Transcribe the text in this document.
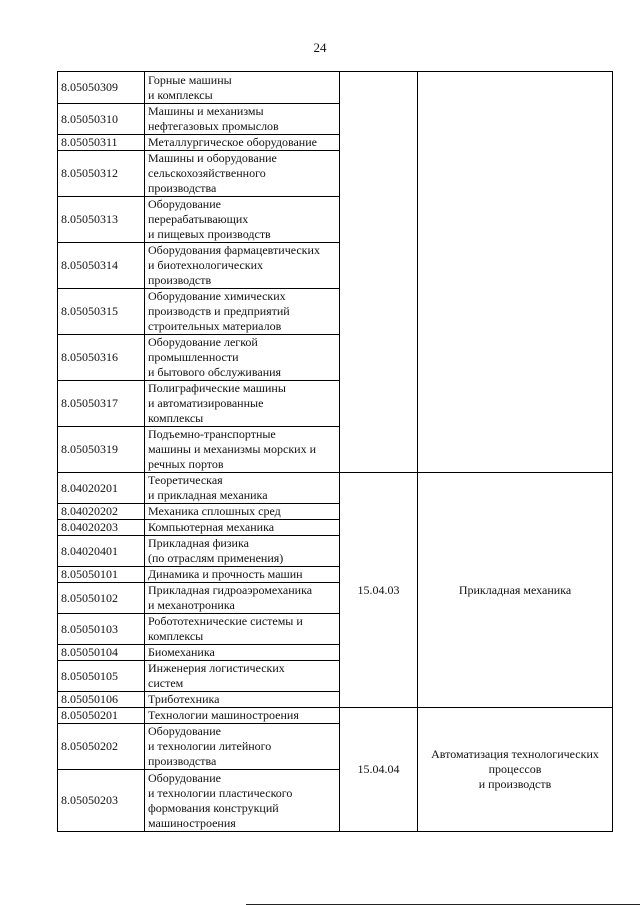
24
8.05050309	Горные машины
и комплексы		
8.05050310	Машины и механизмы
нефтегазовых промыслов		
8.05050311	Металлургическое оборудование		
8.05050312	Машины и оборудование
сельскохозяйственного
производства		
8.05050313	Оборудование
перерабатывающих
и пищевых производств		
8.05050314	Оборудования фармацевтических
и биотехнологических
производств		
8.05050315	Оборудование химических
производств и предприятий
строительных материалов		
8.05050316	Оборудование легкой
промышленности
и бытового обслуживания		
8.05050317	Полиграфические машины
и автоматизированные
комплексы		
8.05050319	Подъемно-транспортные
машины и механизмы морских и
речных портов		
8.04020201	Теоретическая
и прикладная механика	15.04.03	Прикладная механика
8.04020202	Механика сплошных сред		
8.04020203	Компьютерная механика		
8.04020401	Прикладная физика
(по отраслям применения)		
8.05050101	Динамика и прочность машин		
8.05050102	Прикладная гидроаэромеханика
и механотроника		
8.05050103	Робототехнические системы и
комплексы		
8.05050104	Биомеханика		
8.05050105	Инженерия логистических
систем		
8.05050106	Триботехника		
8.05050201	Технологии машиностроения	15.04.04	Автоматизация технологических
процессов
и производств
8.05050202	Оборудование
и технологии литейного
производства		
8.05050203	Оборудование
и технологии пластического
формования конструкций
машиностроения		
